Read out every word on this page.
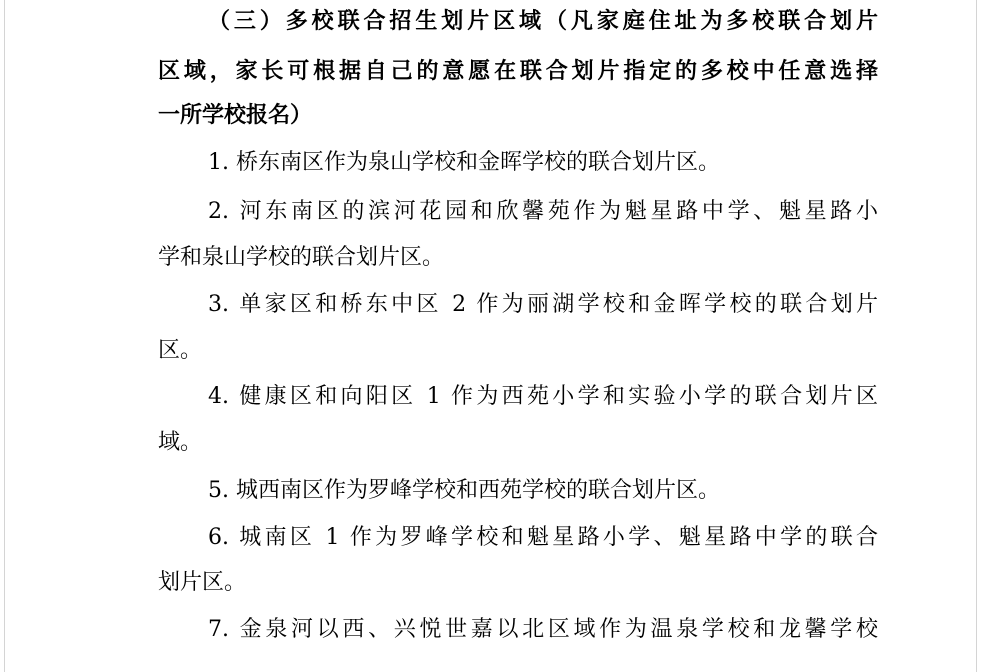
（三）多校联合招生划片区域（凡家庭住址为多校联合划片
区域，家长可根据自己的意愿在联合划片指定的多校中任意选择
一所学校报名）
1. 桥东南区作为泉山学校和金晖学校的联合划片区。
2. 河东南区的滨河花园和欣馨苑作为魁星路中学、魁星路小
学和泉山学校的联合划片区。
3. 单家区和桥东中区 2 作为丽湖学校和金晖学校的联合划片
区。
4. 健康区和向阳区 1 作为西苑小学和实验小学的联合划片区
域。
5. 城西南区作为罗峰学校和西苑学校的联合划片区。
6. 城南区 1 作为罗峰学校和魁星路小学、魁星路中学的联合
划片区。
7. 金泉河以西、兴悦世嘉以北区域作为温泉学校和龙馨学校
